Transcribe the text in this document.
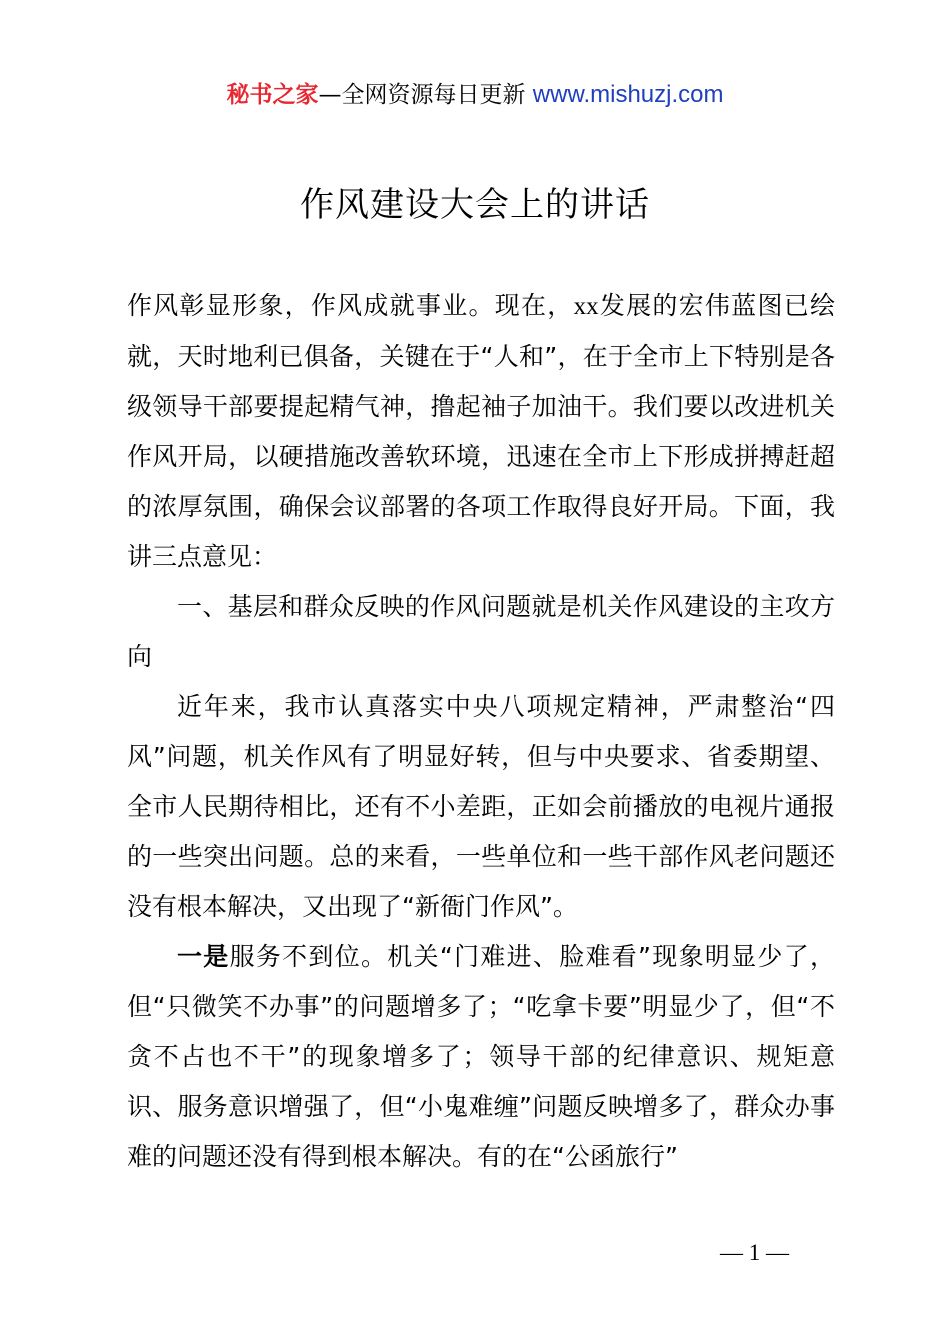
秘书之家—全网资源每日更新 www.mishuzj.com
作风建设大会上的讲话

作风彰显形象，作风成就事业。现在，xx发展的宏伟蓝图已绘就，天时地利已俱备，关键在于“人和”，在于全市上下特别是各级领导干部要提起精气神，撸起袖子加油干。我们要以改进机关作风开局，以硬措施改善软环境，迅速在全市上下形成拼搏赶超的浓厚氛围，确保会议部署的各项工作取得良好开局。下面，我讲三点意见：

一、基层和群众反映的作风问题就是机关作风建设的主攻方向

近年来，我市认真落实中央八项规定精神，严肃整治“四风”问题，机关作风有了明显好转，但与中央要求、省委期望、全市人民期待相比，还有不小差距，正如会前播放的电视片通报的一些突出问题。总的来看，一些单位和一些干部作风老问题还没有根本解决，又出现了“新衙门作风”。

一是服务不到位。机关“门难进、脸难看”现象明显少了，但“只微笑不办事”的问题增多了；“吃拿卡要”明显少了，但“不贪不占也不干”的现象增多了；领导干部的纪律意识、规矩意识、服务意识增强了，但“小鬼难缠”问题反映增多了，群众办事难的问题还没有得到根本解决。有的在“公函旅行”

— 1 —
